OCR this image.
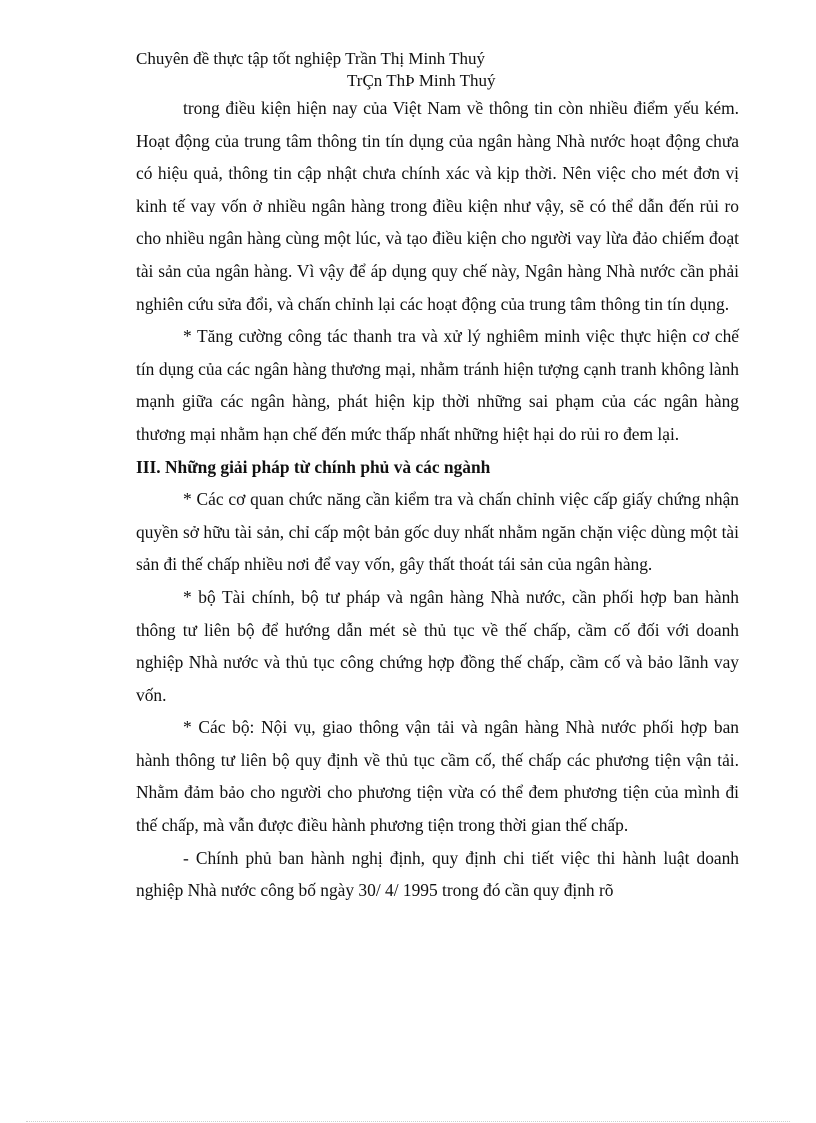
Chuyên đề thực tập tốt nghiệp Trần Thị Minh Thuý
TrÇn ThÞ Minh Thuý

trong điều kiện hiện nay của Việt Nam về thông tin còn nhiều điểm yếu kém. Hoạt động của trung tâm thông tin tín dụng của ngân hàng Nhà nước hoạt động chưa có hiệu quả, thông tin cập nhật chưa chính xác và kịp thời. Nên việc cho mét đơn vị kinh tế vay vốn ở nhiều ngân hàng trong điều kiện như vậy, sẽ có thể dẫn đến rủi ro cho nhiều ngân hàng cùng một lúc, và tạo điều kiện cho người vay lừa đảo chiếm đoạt tài sản của ngân hàng. Vì vậy để áp dụng quy chế này, Ngân hàng Nhà nước cần phải nghiên cứu sửa đổi, và chấn chỉnh lại các hoạt động của trung tâm thông tin tín dụng.

* Tăng cường công tác thanh tra và xử lý nghiêm minh việc thực hiện cơ chế tín dụng của các ngân hàng thương mại, nhằm tránh hiện tượng cạnh tranh không lành mạnh giữa các ngân hàng, phát hiện kịp thời những sai phạm của các ngân hàng thương mại nhằm hạn chế đến mức thấp nhất những hiệt hại do rủi ro đem lại.

III. Những giải pháp từ chính phủ và các ngành

* Các cơ quan chức năng cần kiểm tra và chấn chỉnh việc cấp giấy chứng nhận quyền sở hữu tài sản, chỉ cấp một bản gốc duy nhất nhằm ngăn chặn việc dùng một tài sản đi thế chấp nhiều nơi để vay vốn, gây thất thoát tái sản của ngân hàng.

* bộ Tài chính, bộ tư pháp và ngân hàng Nhà nước, cần phối hợp ban hành thông tư liên bộ để hướng dẫn mét sè thủ tục về thế chấp, cầm cố đối với doanh nghiệp Nhà nước và thủ tục công chứng hợp đồng thế chấp, cầm cố và bảo lãnh vay vốn.

* Các bộ: Nội vụ, giao thông vận tải và ngân hàng Nhà nước phối hợp ban hành thông tư liên bộ quy định về thủ tục cầm cố, thế chấp các phương tiện vận tải. Nhằm đảm bảo cho người cho phương tiện vừa có thể đem phương tiện của mình đi thế chấp, mà vẫn được điều hành phương tiện trong thời gian thế chấp.

- Chính phủ ban hành nghị định, quy định chi tiết việc thi hành luật doanh nghiệp Nhà nước công bố ngày 30/ 4/ 1995 trong đó cần quy định rõ
